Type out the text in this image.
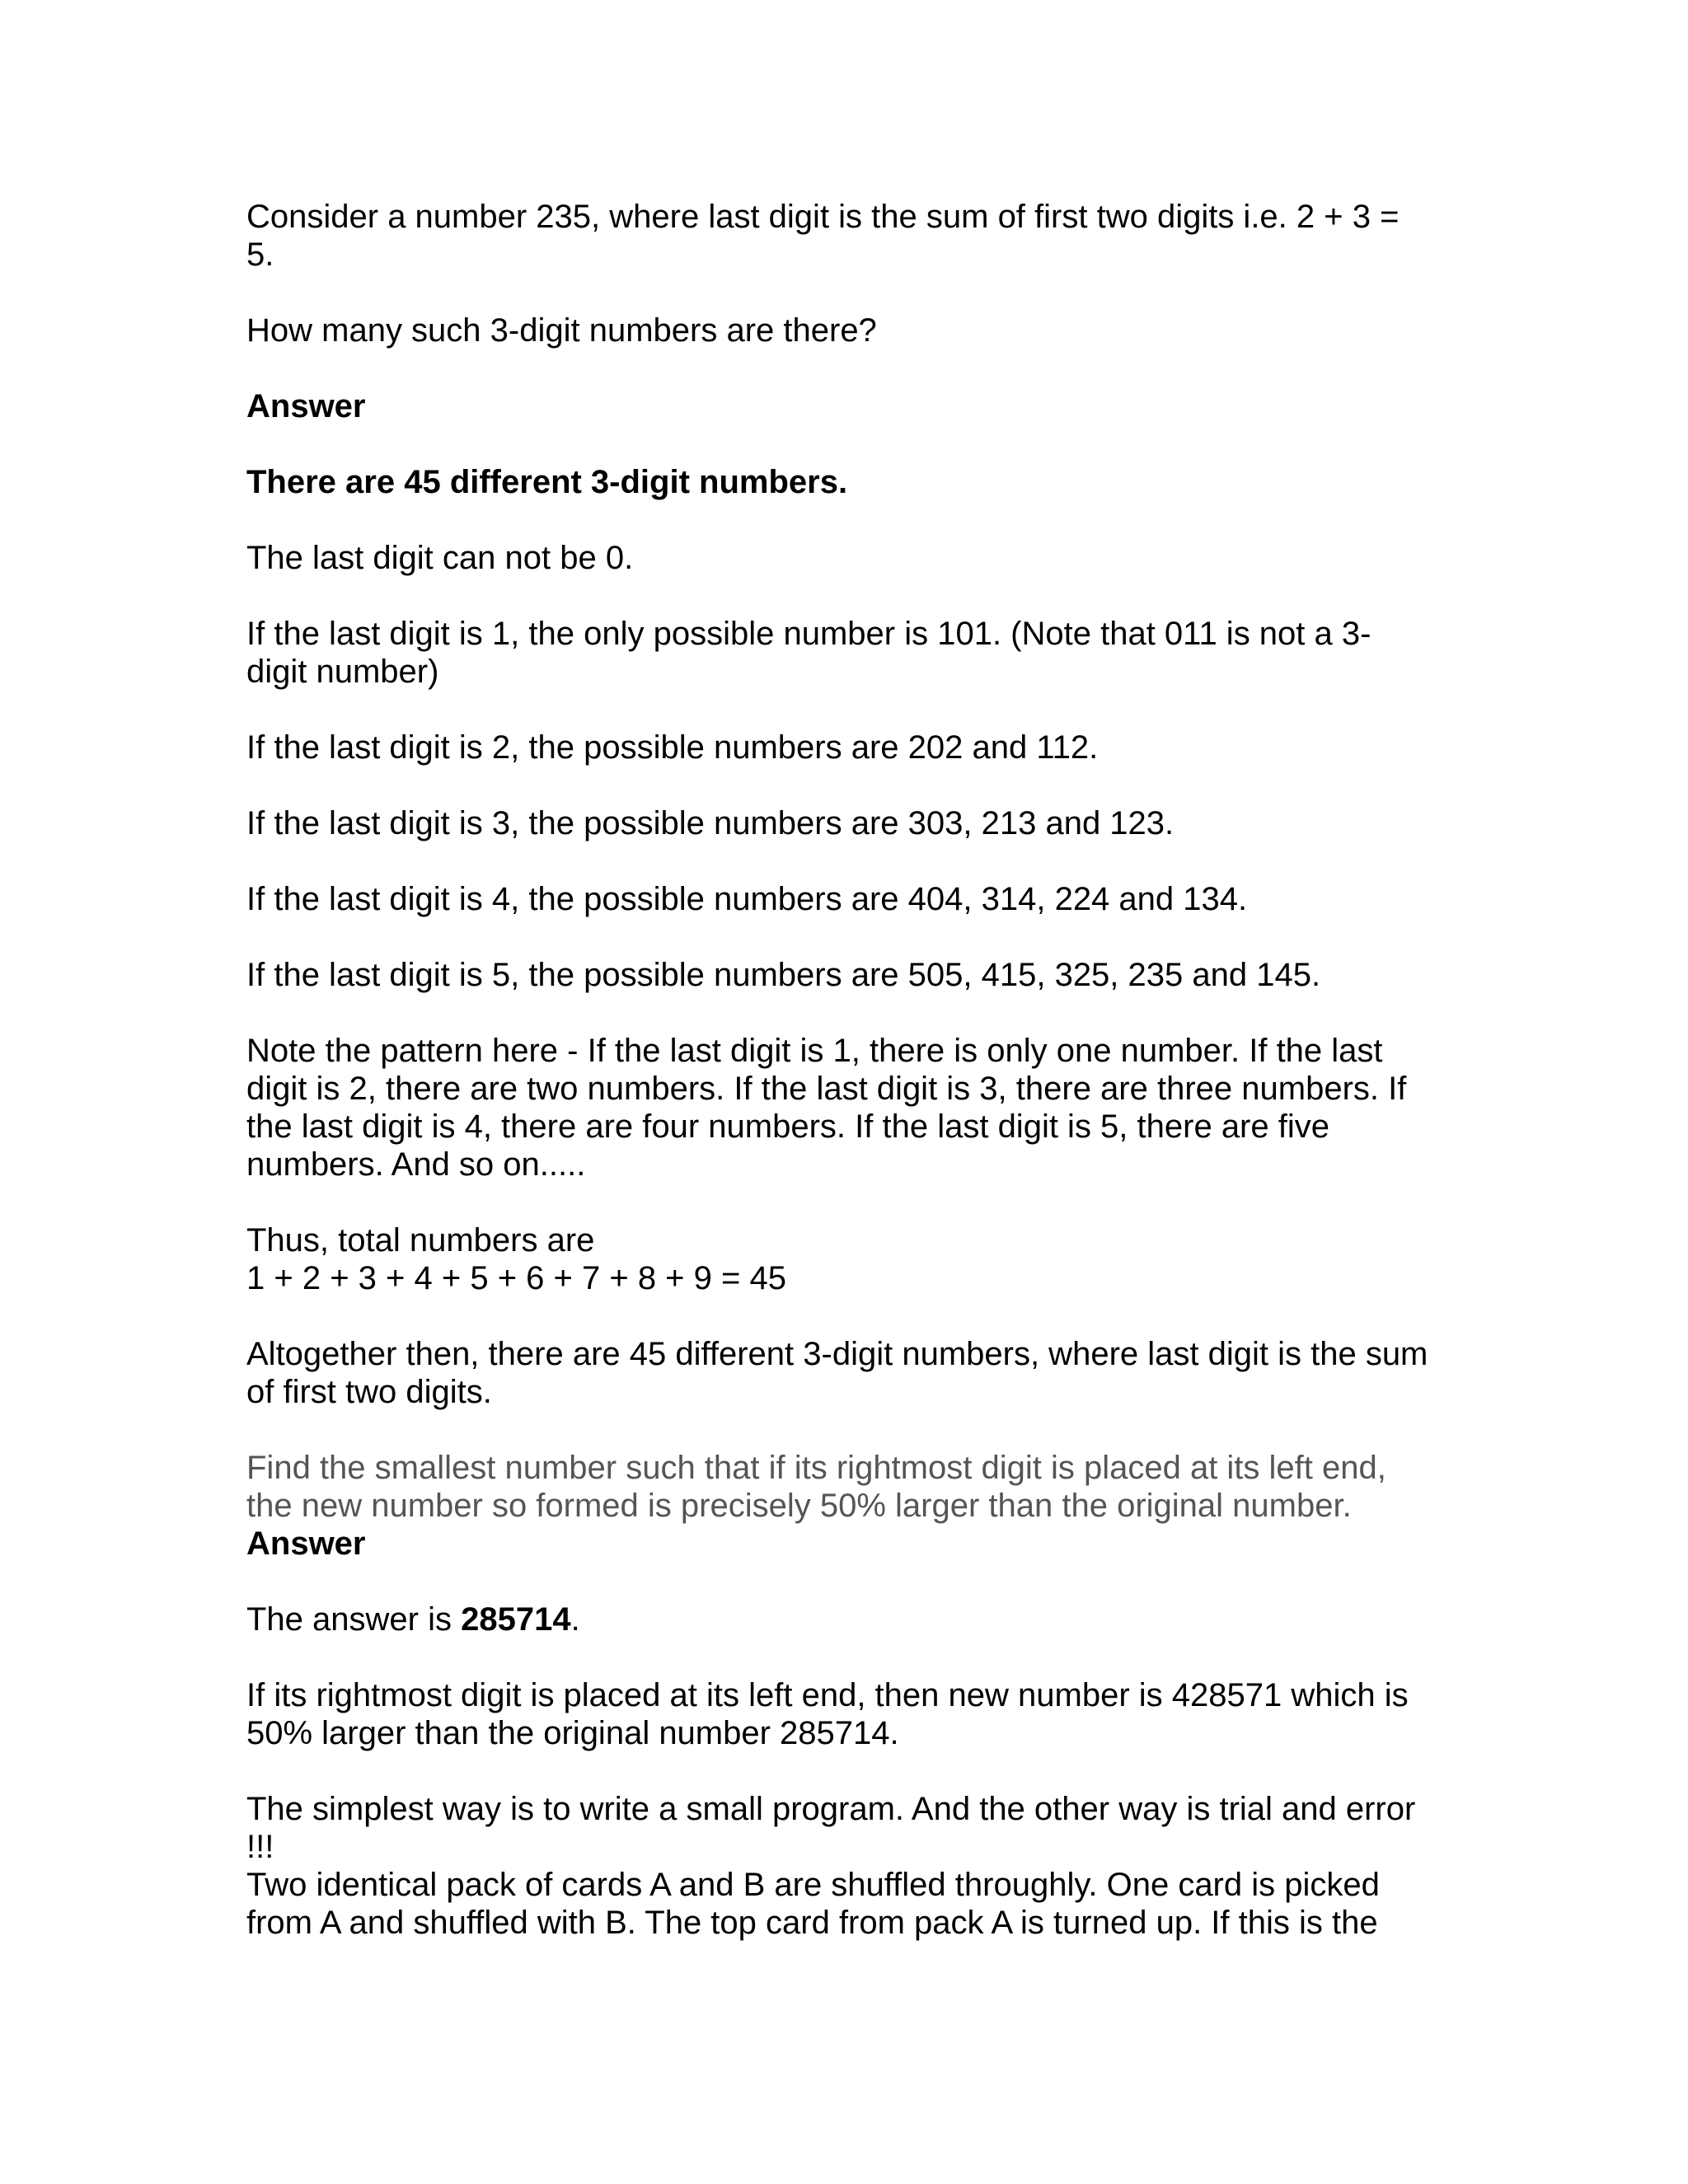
Consider a number 235, where last digit is the sum of first two digits i.e. 2 + 3 =

5.

How many such 3-digit numbers are there?

Answer

There are 45 different 3-digit numbers.

The last digit can not be 0.

If the last digit is 1, the only possible number is 101. (Note that 011 is not a 3-
digit number)

If the last digit is 2, the possible numbers are 202 and 112.

If the last digit is 3, the possible numbers are 303, 213 and 123.

If the last digit is 4, the possible numbers are 404, 314, 224 and 134.

If the last digit is 5, the possible numbers are 505, 415, 325, 235 and 145.

Note the pattern here - If the last digit is 1, there is only one number. If the last
digit is 2, there are two numbers. If the last digit is 3, there are three numbers. If
the last digit is 4, there are four numbers. If the last digit is 5, there are five
numbers. And so on.....

Thus, total numbers are
1 + 2 + 3 + 4 + 5 + 6 + 7 + 8 + 9 = 45

Altogether then, there are 45 different 3-digit numbers, where last digit is the sum
of first two digits.

Find the smallest number such that if its rightmost digit is placed at its left end,
the new number so formed is precisely 50% larger than the original number.

Answer

The answer is 285714.

If its rightmost digit is placed at its left end, then new number is 428571 which is
50% larger than the original number 285714.

The simplest way is to write a small program. And the other way is trial and error
!!!

Two identical pack of cards A and B are shuffled throughly. One card is picked
from A and shuffled with B. The top card from pack A is turned up. If this is the
